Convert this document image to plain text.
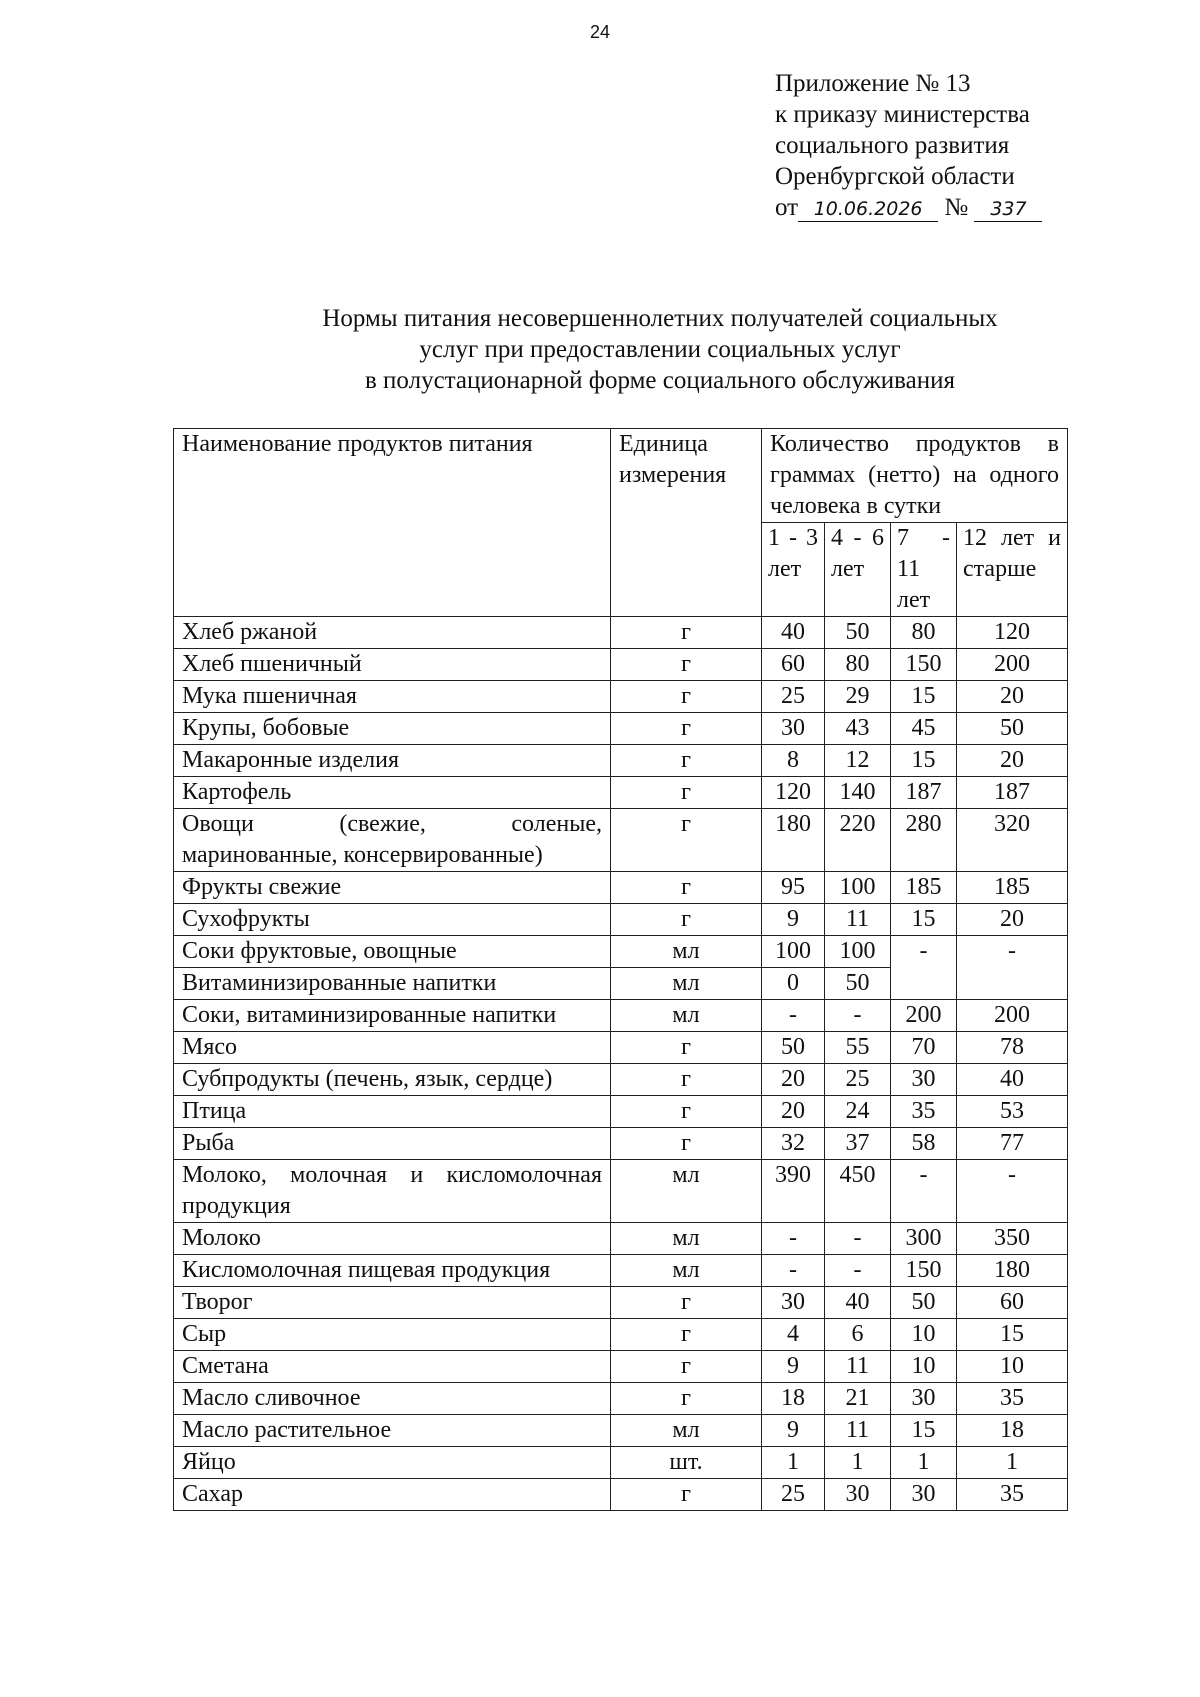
24
Приложение № 13
к приказу министерства
социального развития
Оренбургской области
от 10.06.2026 № 337
Нормы питания несовершеннолетних получателей социальных
услуг при предоставлении социальных услуг
в полустационарной форме социального обслуживания
Наименование продуктов питания	Единица измерения	Количество продуктов в граммах (нетто) на одного человека в сутки			
		1 - 3 лет	4 - 6 лет	7 - 11 лет	12 лет и старше
Хлеб ржаной	г	40	50	80	120
Хлеб пшеничный	г	60	80	150	200
Мука пшеничная	г	25	29	15	20
Крупы, бобовые	г	30	43	45	50
Макаронные изделия	г	8	12	15	20
Картофель	г	120	140	187	187
Овощи (свежие, соленые, маринованные, консервированные)	г	180	220	280	320
Фрукты свежие	г	95	100	185	185
Сухофрукты	г	9	11	15	20
Соки фруктовые, овощные	мл	100	100	-	-
Витаминизированные напитки	мл	0	50		
Соки, витаминизированные напитки	мл	-	-	200	200
Мясо	г	50	55	70	78
Субпродукты (печень, язык, сердце)	г	20	25	30	40
Птица	г	20	24	35	53
Рыба	г	32	37	58	77
Молоко, молочная и кисломолочная продукция	мл	390	450	-	-
Молоко	мл	-	-	300	350
Кисломолочная пищевая продукция	мл	-	-	150	180
Творог	г	30	40	50	60
Сыр	г	4	6	10	15
Сметана	г	9	11	10	10
Масло сливочное	г	18	21	30	35
Масло растительное	мл	9	11	15	18
Яйцо	шт.	1	1	1	1
Сахар	г	25	30	30	35
